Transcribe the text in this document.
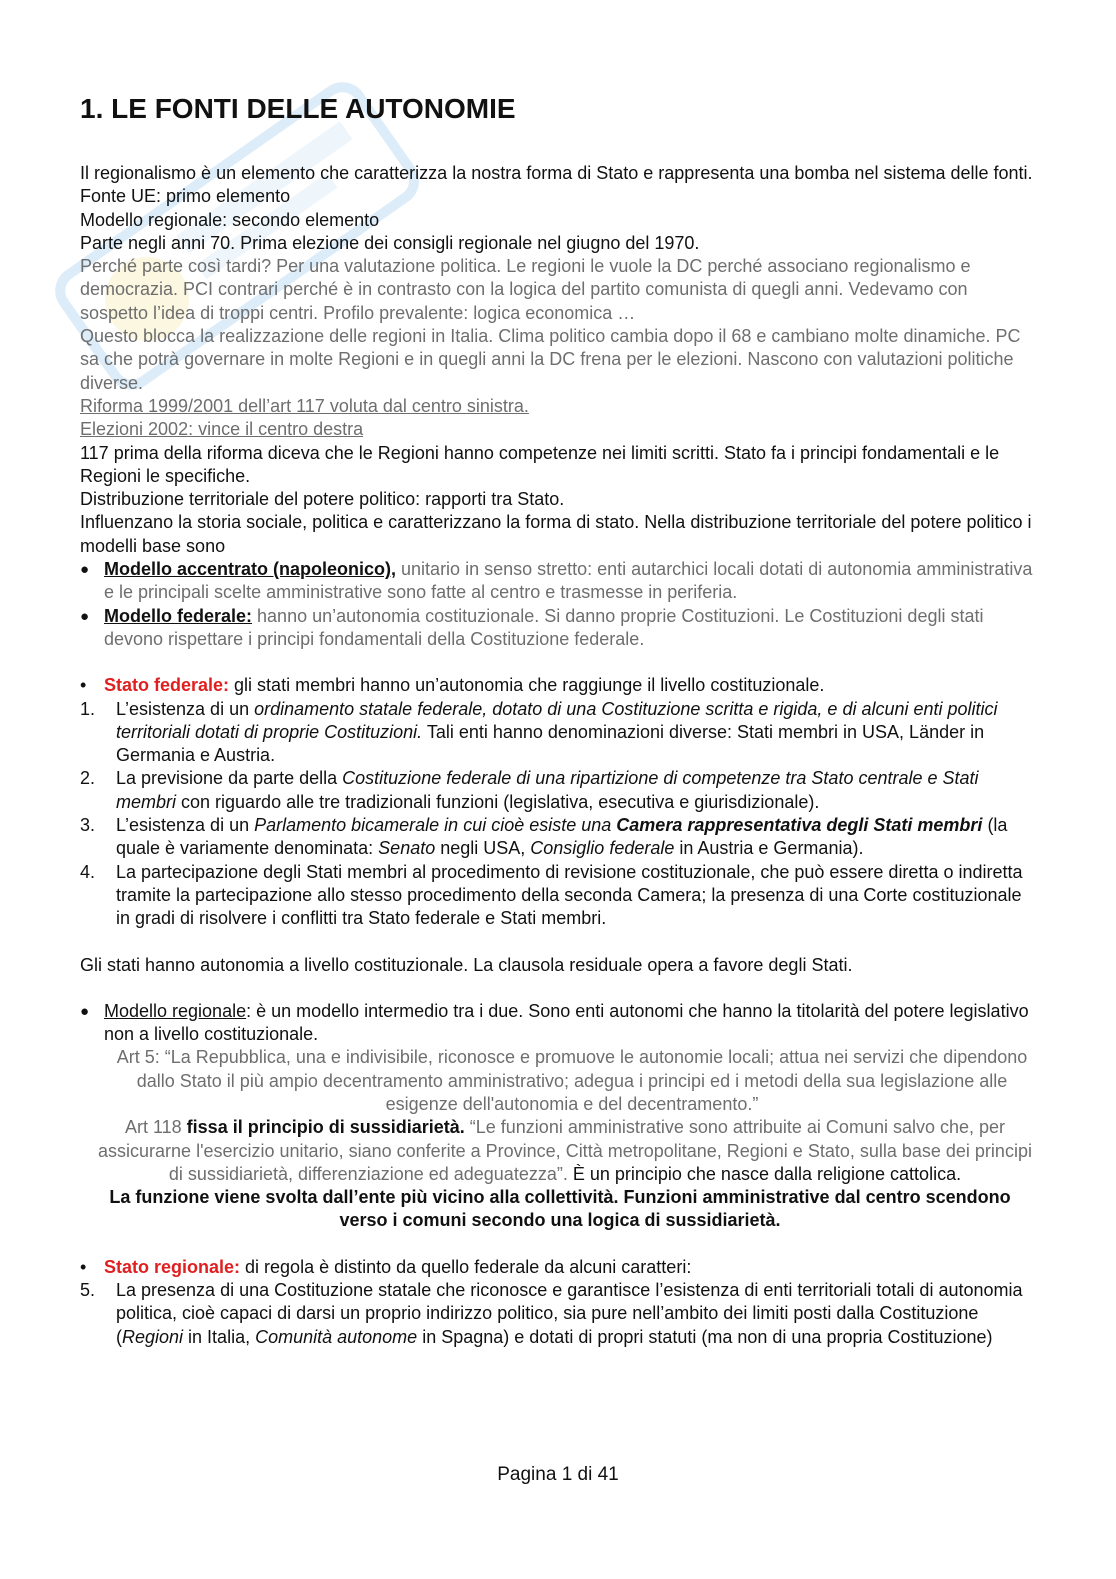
1. LE FONTI DELLE AUTONOMIE

Il regionalismo è un elemento che caratterizza la nostra forma di Stato e rappresenta una bomba nel sistema delle fonti.

Fonte UE: primo elemento

Modello regionale: secondo elemento

Parte negli anni 70. Prima elezione dei consigli regionale nel giugno del 1970.

Perché parte così tardi? Per una valutazione politica. Le regioni le vuole la DC perché associano regionalismo e democrazia. PCI contrari perché è in contrasto con la logica del partito comunista di quegli anni. Vedevamo con sospetto l’idea di troppi centri. Profilo prevalente: logica economica …

Questo blocca la realizzazione delle regioni in Italia. Clima politico cambia dopo il 68 e cambiano molte dinamiche. PC sa che potrà governare in molte Regioni e in quegli anni la DC frena per le elezioni. Nascono con valutazioni politiche diverse.

Riforma 1999/2001 dell’art 117 voluta dal centro sinistra.

Elezioni 2002: vince il centro destra

117 prima della riforma diceva che le Regioni hanno competenze nei limiti scritti. Stato fa i principi fondamentali e le Regioni le specifiche.

Distribuzione territoriale del potere politico: rapporti tra Stato.

Influenzano la storia sociale, politica e caratterizzano la forma di stato. Nella distribuzione territoriale del potere politico i modelli base sono

● Modello accentrato (napoleonico), unitario in senso stretto: enti autarchici locali dotati di autonomia amministrativa e le principali scelte amministrative sono fatte al centro e trasmesse in periferia.
● Modello federale: hanno un’autonomia costituzionale. Si danno proprie Costituzioni. Le Costituzioni degli stati devono rispettare i principi fondamentali della Costituzione federale.
• Stato federale: gli stati membri hanno un’autonomia che raggiunge il livello costituzionale.
1. L’esistenza di un ordinamento statale federale, dotato di una Costituzione scritta e rigida, e di alcuni enti politici territoriali dotati di proprie Costituzioni. Tali enti hanno denominazioni diverse: Stati membri in USA, Länder in Germania e Austria.
2. La previsione da parte della Costituzione federale di una ripartizione di competenze tra Stato centrale e Stati membri con riguardo alle tre tradizionali funzioni (legislativa, esecutiva e giurisdizionale).
3. L’esistenza di un Parlamento bicamerale in cui cioè esiste una Camera rappresentativa degli Stati membri (la quale è variamente denominata: Senato negli USA, Consiglio federale in Austria e Germania).
4. La partecipazione degli Stati membri al procedimento di revisione costituzionale, che può essere diretta o indiretta tramite la partecipazione allo stesso procedimento della seconda Camera; la presenza di una Corte costituzionale in gradi di risolvere i conflitti tra Stato federale e Stati membri.

Gli stati hanno autonomia a livello costituzionale. La clausola residuale opera a favore degli Stati.

● Modello regionale: è un modello intermedio tra i due. Sono enti autonomi che hanno la titolarità del potere legislativo non a livello costituzionale.

Art 5: “La Repubblica, una e indivisibile, riconosce e promuove le autonomie locali; attua nei servizi che dipendono dallo Stato il più ampio decentramento amministrativo; adegua i principi ed i metodi della sua legislazione alle esigenze dell'autonomia e del decentramento.”

Art 118 fissa il principio di sussidiarietà. “Le funzioni amministrative sono attribuite ai Comuni salvo che, per assicurarne l'esercizio unitario, siano conferite a Province, Città metropolitane, Regioni e Stato, sulla base dei principi di sussidiarietà, differenziazione ed adeguatezza”. È un principio che nasce dalla religione cattolica.

La funzione viene svolta dall’ente più vicino alla collettività. Funzioni amministrative dal centro scendono verso i comuni secondo una logica di sussidiarietà.

• Stato regionale: di regola è distinto da quello federale da alcuni caratteri:
5. La presenza di una Costituzione statale che riconosce e garantisce l’esistenza di enti territoriali totali di autonomia politica, cioè capaci di darsi un proprio indirizzo politico, sia pure nell’ambito dei limiti posti dalla Costituzione (Regioni in Italia, Comunità autonome in Spagna) e dotati di propri statuti (ma non di una propria Costituzione)
Pagina 1 di 41
